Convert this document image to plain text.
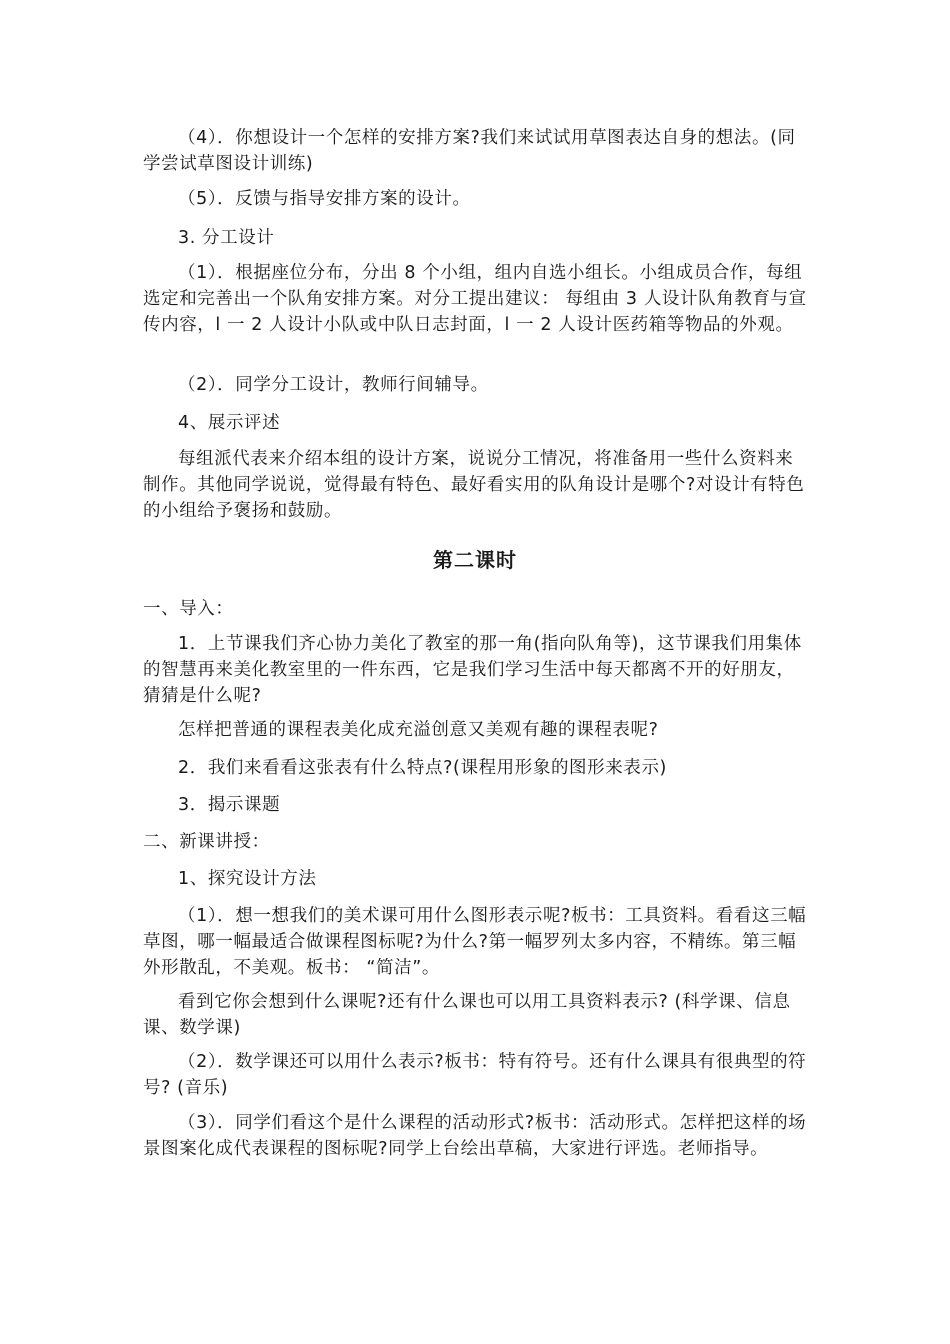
（4）．你想设计一个怎样的安排方案?我们来试试用草图表达自身的想法。(同学尝试草图设计训练)

（5）．反馈与指导安排方案的设计。

3. 分工设计

（1）．根据座位分布，分出 8 个小组，组内自选小组长。小组成员合作，每组选定和完善出一个队角安排方案。对分工提出建议： 每组由 3 人设计队角教育与宣传内容，l 一 2 人设计小队或中队日志封面，l 一 2 人设计医药箱等物品的外观。

（2）．同学分工设计，教师行间辅导。

4、展示评述

每组派代表来介绍本组的设计方案，说说分工情况，将准备用一些什么资料来制作。其他同学说说，觉得最有特色、最好看实用的队角设计是哪个?对设计有特色的小组给予褒扬和鼓励。

第二课时

一、导入：

1．上节课我们齐心协力美化了教室的那一角(指向队角等)，这节课我们用集体的智慧再来美化教室里的一件东西，它是我们学习生活中每天都离不开的好朋友，猜猜是什么呢?

怎样把普通的课程表美化成充溢创意又美观有趣的课程表呢?

2．我们来看看这张表有什么特点?(课程用形象的图形来表示)

3．揭示课题

二、新课讲授：

1、探究设计方法

（1）．想一想我们的美术课可用什么图形表示呢?板书：工具资料。看看这三幅草图，哪一幅最适合做课程图标呢?为什么?第一幅罗列太多内容，不精练。第三幅外形散乱，不美观。板书： “简洁”。

看到它你会想到什么课呢?还有什么课也可以用工具资料表示? (科学课、信息课、数学课)

（2）．数学课还可以用什么表示?板书：特有符号。还有什么课具有很典型的符号? (音乐)

（3）．同学们看这个是什么课程的活动形式?板书：活动形式。怎样把这样的场景图案化成代表课程的图标呢?同学上台绘出草稿，大家进行评选。老师指导。
